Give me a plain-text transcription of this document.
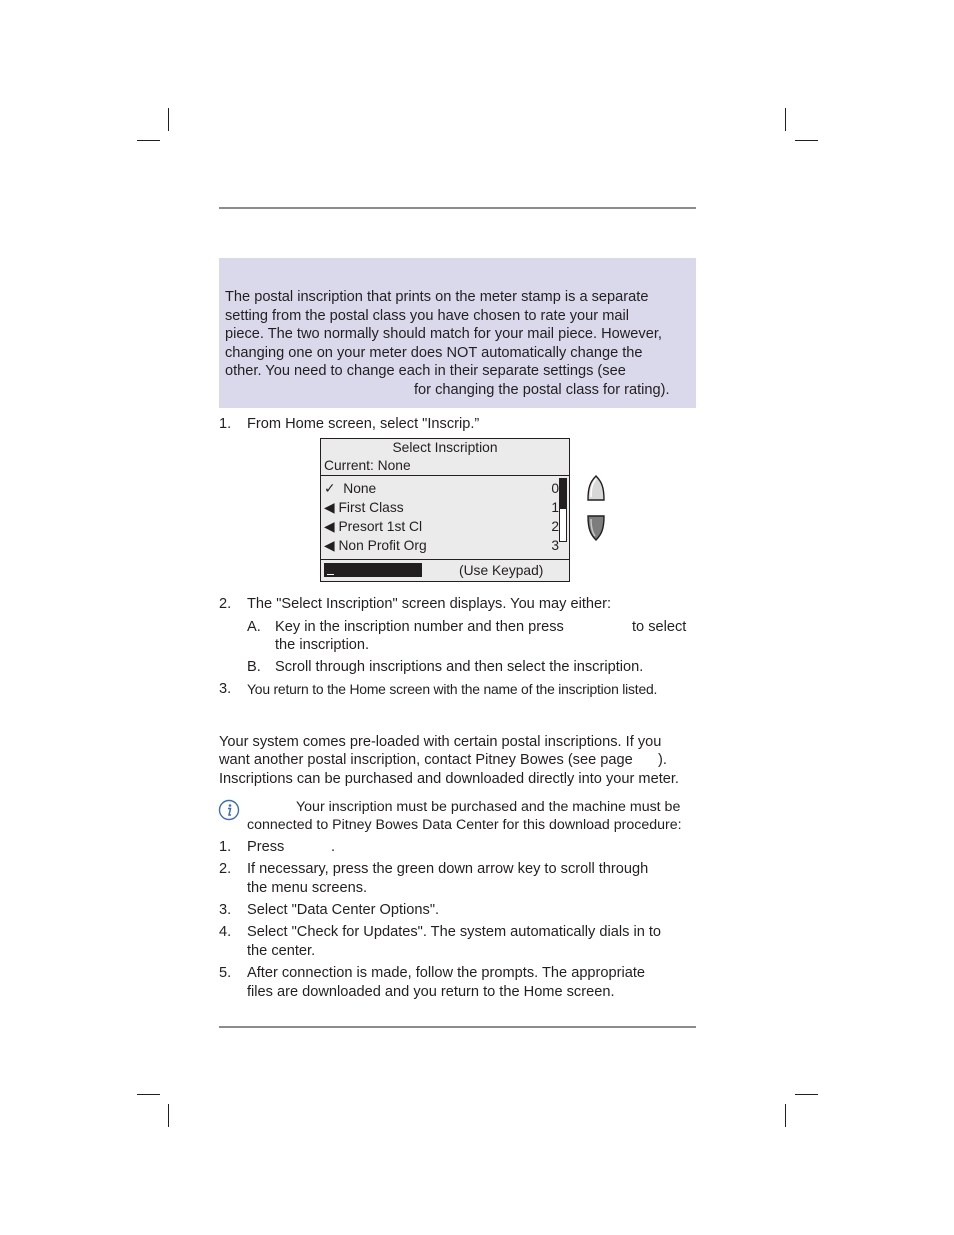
The postal inscription that prints on the meter stamp is a separate
setting from the postal class you have chosen to rate your mail
piece. The two normally should match for your mail piece. However,
changing one on your meter does NOT automatically change the
other. You need to change each in their separate settings (see
for changing the postal class for rating).
1. From Home screen, select "Inscrip.”
Select Inscription
Current: None
✓ None	0
◀ First Class	1
◀ Presort 1st Cl	2
◀ Non Profit Org	3
(Use Keypad)
2. The "Select Inscription" screen displays. You may either:
A. Key in the inscription number and then press	to select
the inscription.
B. Scroll through inscriptions and then select the inscription.
3. You return to the Home screen with the name of the inscription listed.
Your system comes pre-loaded with certain postal inscriptions. If you
want another postal inscription, contact Pitney Bowes (see page ).
Inscriptions can be purchased and downloaded directly into your meter.
Your inscription must be purchased and the machine must be
connected to Pitney Bowes Data Center for this download procedure:
1. Press	.
2. If necessary, press the green down arrow key to scroll through
the menu screens.
3. Select "Data Center Options".
4. Select "Check for Updates". The system automatically dials in to
the center.
5. After connection is made, follow the prompts. The appropriate
files are downloaded and you return to the Home screen.
